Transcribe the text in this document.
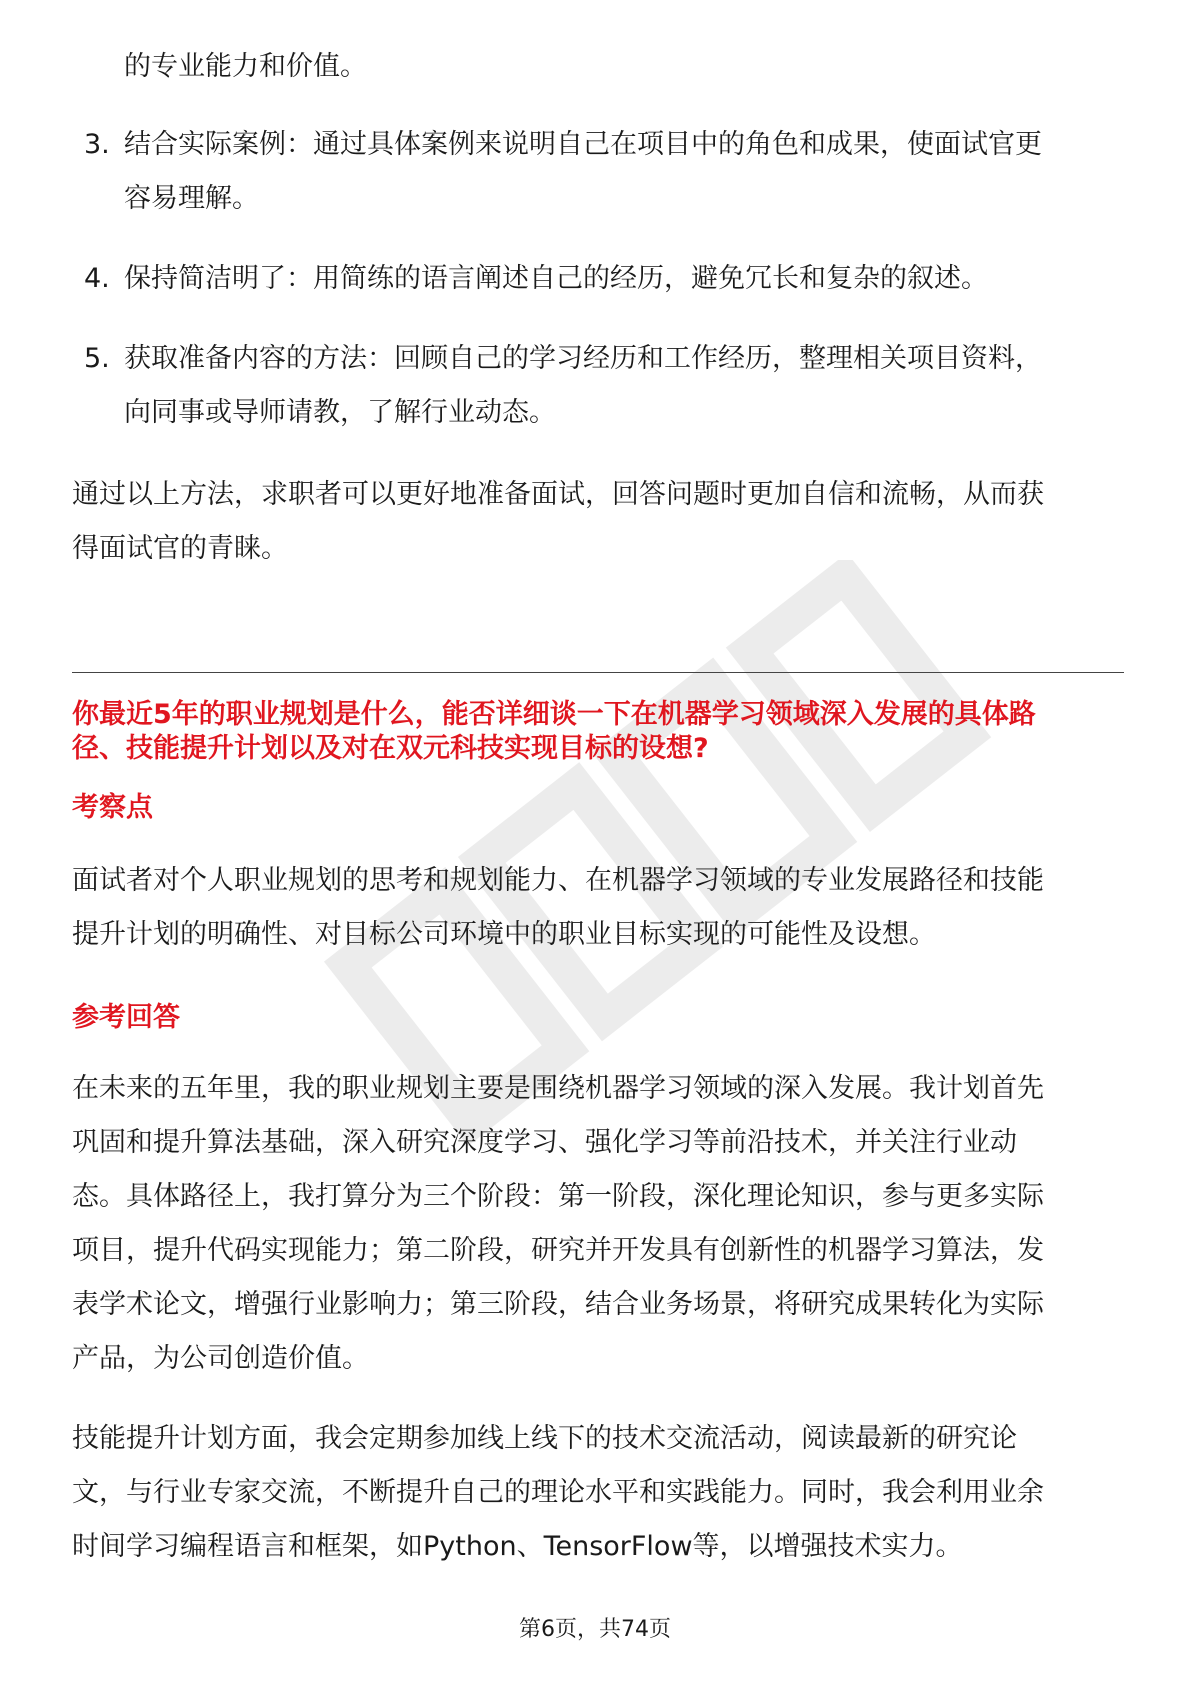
的专业能力和价值。
3. 结合实际案例：通过具体案例来说明自己在项目中的角色和成果，使面试官更
容易理解。
4. 保持简洁明了：用简练的语言阐述自己的经历，避免冗长和复杂的叙述。
5. 获取准备内容的方法：回顾自己的学习经历和工作经历，整理相关项目资料，
向同事或导师请教，了解行业动态。
通过以上方法，求职者可以更好地准备面试，回答问题时更加自信和流畅，从而获
得面试官的青睐。
你最近5年的职业规划是什么，能否详细谈一下在机器学习领域深入发展的具体路
径、技能提升计划以及对在双元科技实现目标的设想?
考察点
面试者对个人职业规划的思考和规划能力、在机器学习领域的专业发展路径和技能
提升计划的明确性、对目标公司环境中的职业目标实现的可能性及设想。
参考回答
在未来的五年里，我的职业规划主要是围绕机器学习领域的深入发展。我计划首先
巩固和提升算法基础，深入研究深度学习、强化学习等前沿技术，并关注行业动
态。具体路径上，我打算分为三个阶段：第一阶段，深化理论知识，参与更多实际
项目，提升代码实现能力；第二阶段，研究并开发具有创新性的机器学习算法，发
表学术论文，增强行业影响力；第三阶段，结合业务场景，将研究成果转化为实际
产品，为公司创造价值。
技能提升计划方面，我会定期参加线上线下的技术交流活动，阅读最新的研究论
文，与行业专家交流，不断提升自己的理论水平和实践能力。同时，我会利用业余
时间学习编程语言和框架，如Python、TensorFlow等，以增强技术实力。
第6页，共74页
